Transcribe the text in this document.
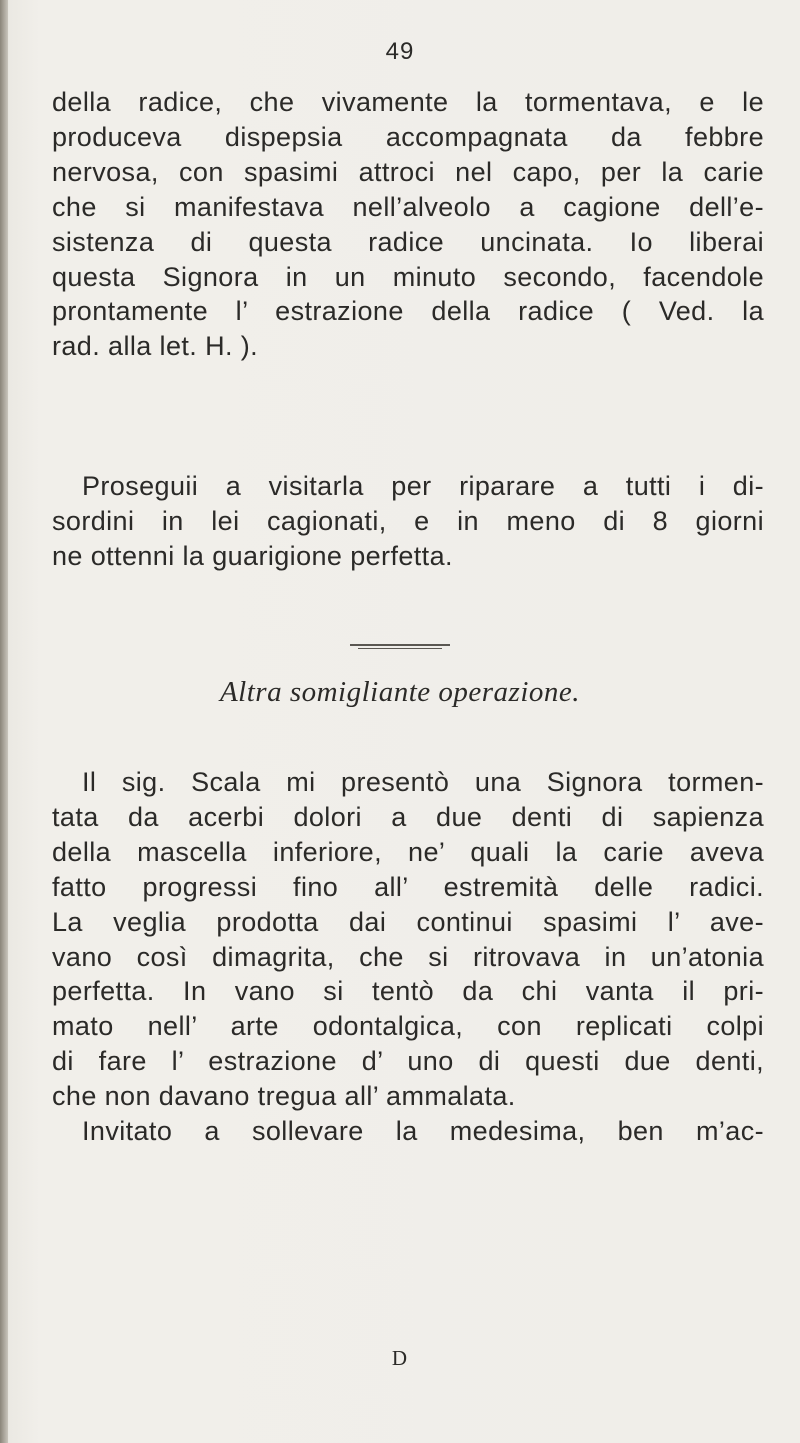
49

della radice, che vivamente la tormentava, e le
produceva dispepsia accompagnata da febbre
nervosa, con spasimi attroci nel capo, per la carie
che si manifestava nell’alveolo a cagione dell’e-
sistenza di questa radice uncinata. Io liberai
questa Signora in un minuto secondo, facendole
prontamente l’ estrazione della radice ( Ved. la
rad. alla let. H. ).

Proseguii a visitarla per riparare a tutti i di-
sordini in lei cagionati, e in meno di 8 giorni
ne ottenni la guarigione perfetta.

Altra somigliante operazione.

Il sig. Scala mi presentò una Signora tormen-
tata da acerbi dolori a due denti di sapienza
della mascella inferiore, ne’ quali la carie aveva
fatto progressi fino all’ estremità delle radici.
La veglia prodotta dai continui spasimi l’ ave-
vano così dimagrita, che si ritrovava in un’atonia
perfetta. In vano si tentò da chi vanta il pri-
mato nell’ arte odontalgica, con replicati colpi
di fare l’ estrazione d’ uno di questi due denti,
che non davano tregua all’ ammalata.
Invitato a sollevare la medesima, ben m’ac-

D
